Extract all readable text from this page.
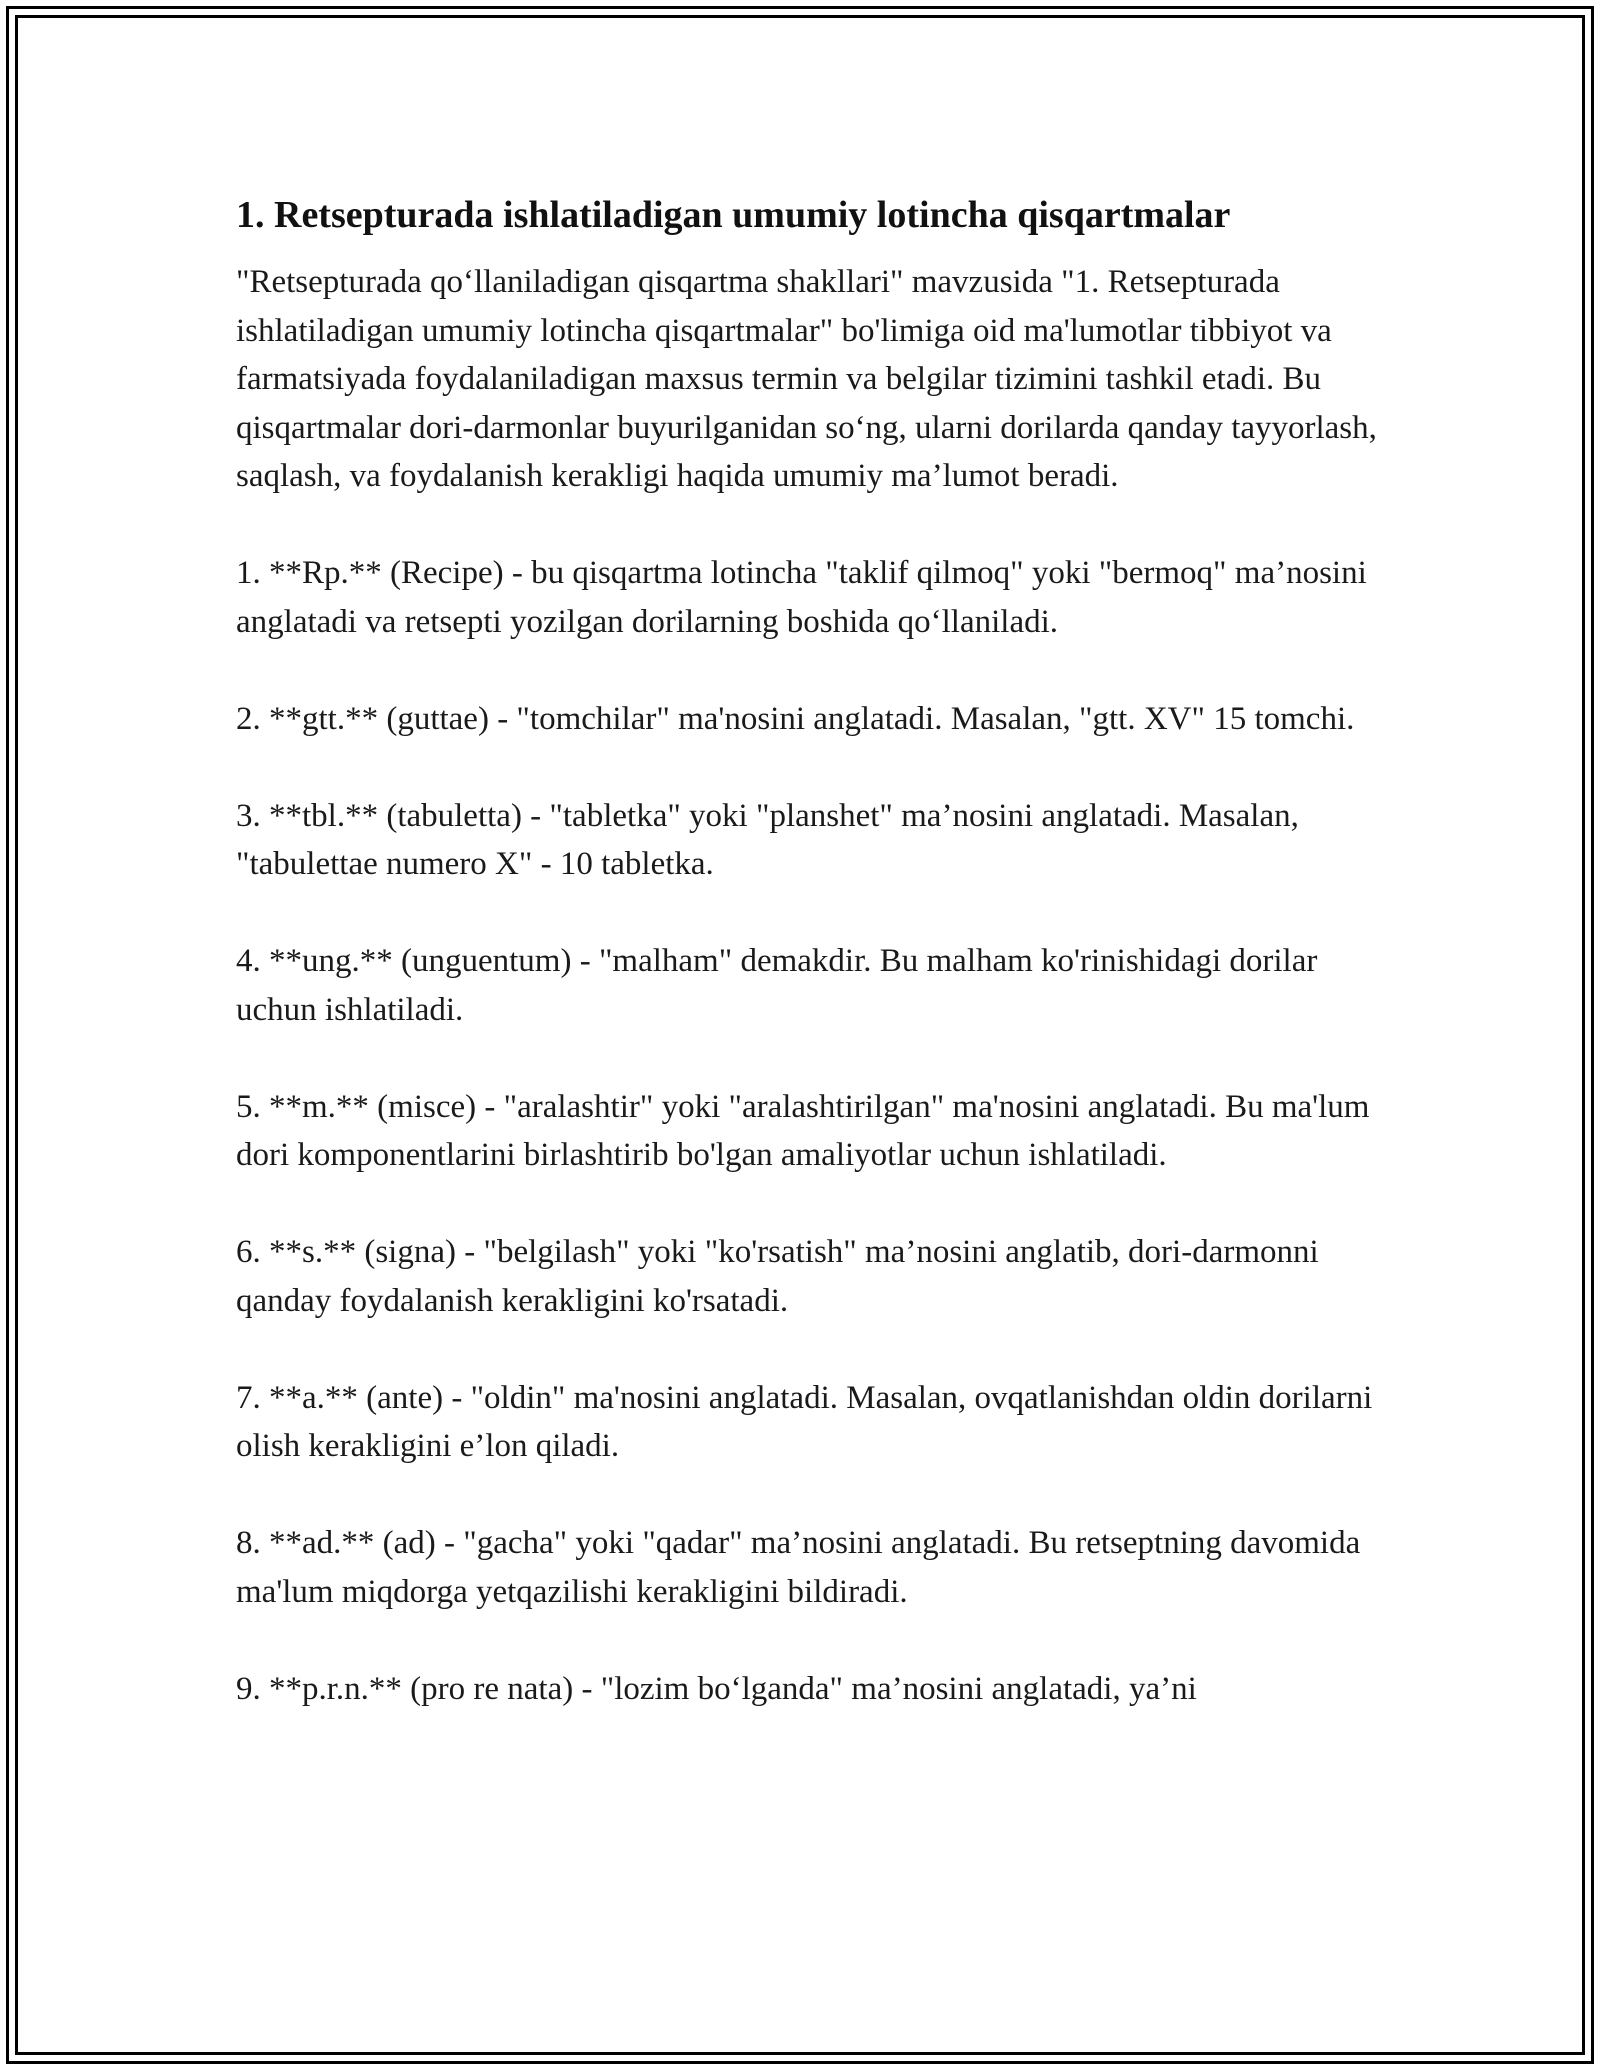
1. Retsepturada ishlatiladigan umumiy lotincha qisqartmalar

"Retsepturada qo‘llaniladigan qisqartma shakllari" mavzusida "1. Retsepturada ishlatiladigan umumiy lotincha qisqartmalar" bo'limiga oid ma'lumotlar tibbiyot va farmatsiyada foydalaniladigan maxsus termin va belgilar tizimini tashkil etadi. Bu qisqartmalar dori-darmonlar buyurilganidan so‘ng, ularni dorilarda qanday tayyorlash, saqlash, va foydalanish kerakligi haqida umumiy ma’lumot beradi.

1. **Rp.** (Recipe) - bu qisqartma lotincha "taklif qilmoq" yoki "bermoq" ma’nosini anglatadi va retsepti yozilgan dorilarning boshida qo‘llaniladi.

2. **gtt.** (guttae) - "tomchilar" ma'nosini anglatadi. Masalan, "gtt. XV" 15 tomchi.

3. **tbl.** (tabuletta) - "tabletka" yoki "planshet" ma’nosini anglatadi. Masalan, "tabulettae numero X" - 10 tabletka.

4. **ung.** (unguentum) - "malham" demakdir. Bu malham ko'rinishidagi dorilar uchun ishlatiladi.

5. **m.** (misce) - "aralashtir" yoki "aralashtirilgan" ma'nosini anglatadi. Bu ma'lum dori komponentlarini birlashtirib bo'lgan amaliyotlar uchun ishlatiladi.

6. **s.** (signa) - "belgilash" yoki "ko'rsatish" ma’nosini anglatib, dori-darmonni qanday foydalanish kerakligini ko'rsatadi.

7. **a.** (ante) - "oldin" ma'nosini anglatadi. Masalan, ovqatlanishdan oldin dorilarni olish kerakligini e’lon qiladi.

8. **ad.** (ad) - "gacha" yoki "qadar" ma’nosini anglatadi. Bu retseptning davomida ma'lum miqdorga yetqazilishi kerakligini bildiradi.

9. **p.r.n.** (pro re nata) - "lozim bo‘lganda" ma’nosini anglatadi, ya’ni
